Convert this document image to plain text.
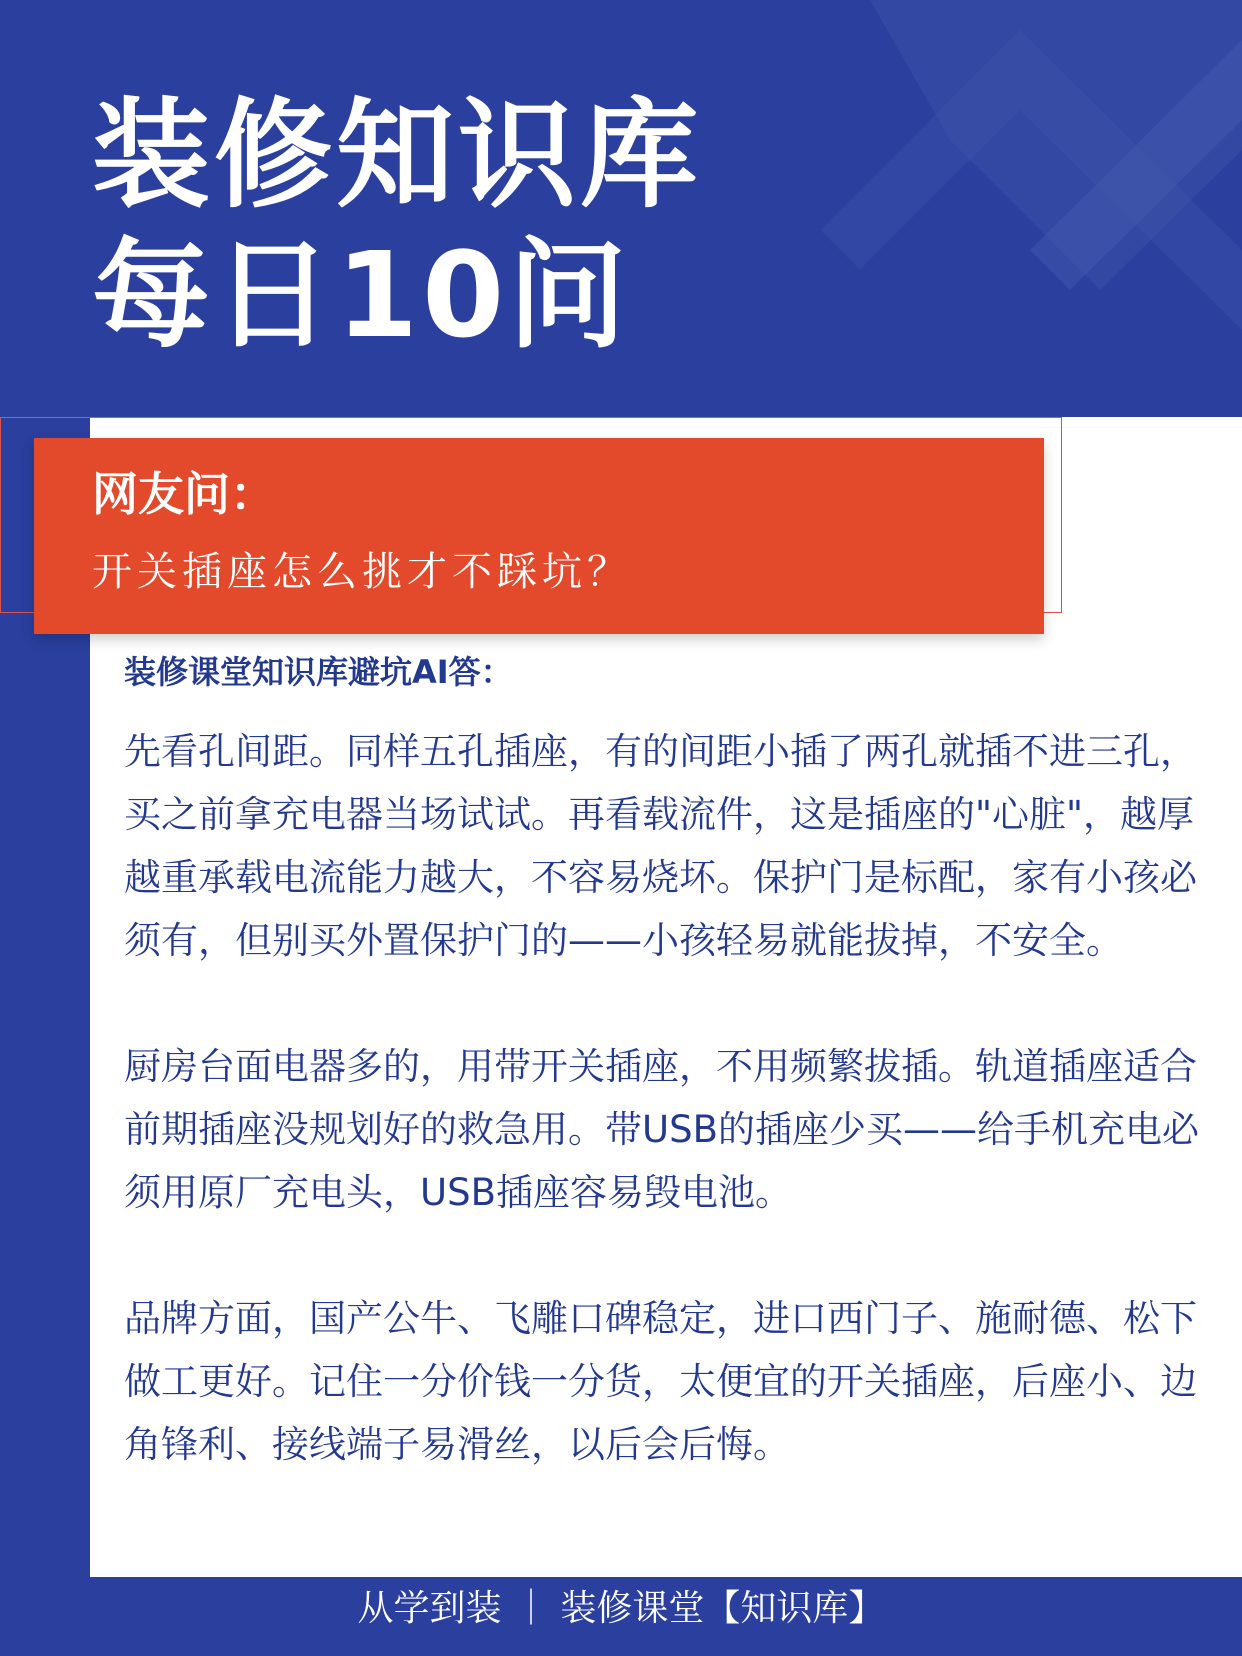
装修知识库
每日10问
网友问：
开关插座怎么挑才不踩坑？
装修课堂知识库避坑AI答：

先看孔间距。同样五孔插座，有的间距小插了两孔就插不进三孔，买之前拿充电器当场试试。再看载流件，这是插座的"心脏"，越厚越重承载电流能力越大，不容易烧坏。保护门是标配，家有小孩必须有，但别买外置保护门的——小孩轻易就能拔掉，不安全。

厨房台面电器多的，用带开关插座，不用频繁拔插。轨道插座适合前期插座没规划好的救急用。带USB的插座少买——给手机充电必须用原厂充电头，USB插座容易毁电池。

品牌方面，国产公牛、飞雕口碑稳定，进口西门子、施耐德、松下做工更好。记住一分价钱一分货，太便宜的开关插座，后座小、边角锋利、接线端子易滑丝，以后会后悔。

从学到装 ｜ 装修课堂【知识库】
